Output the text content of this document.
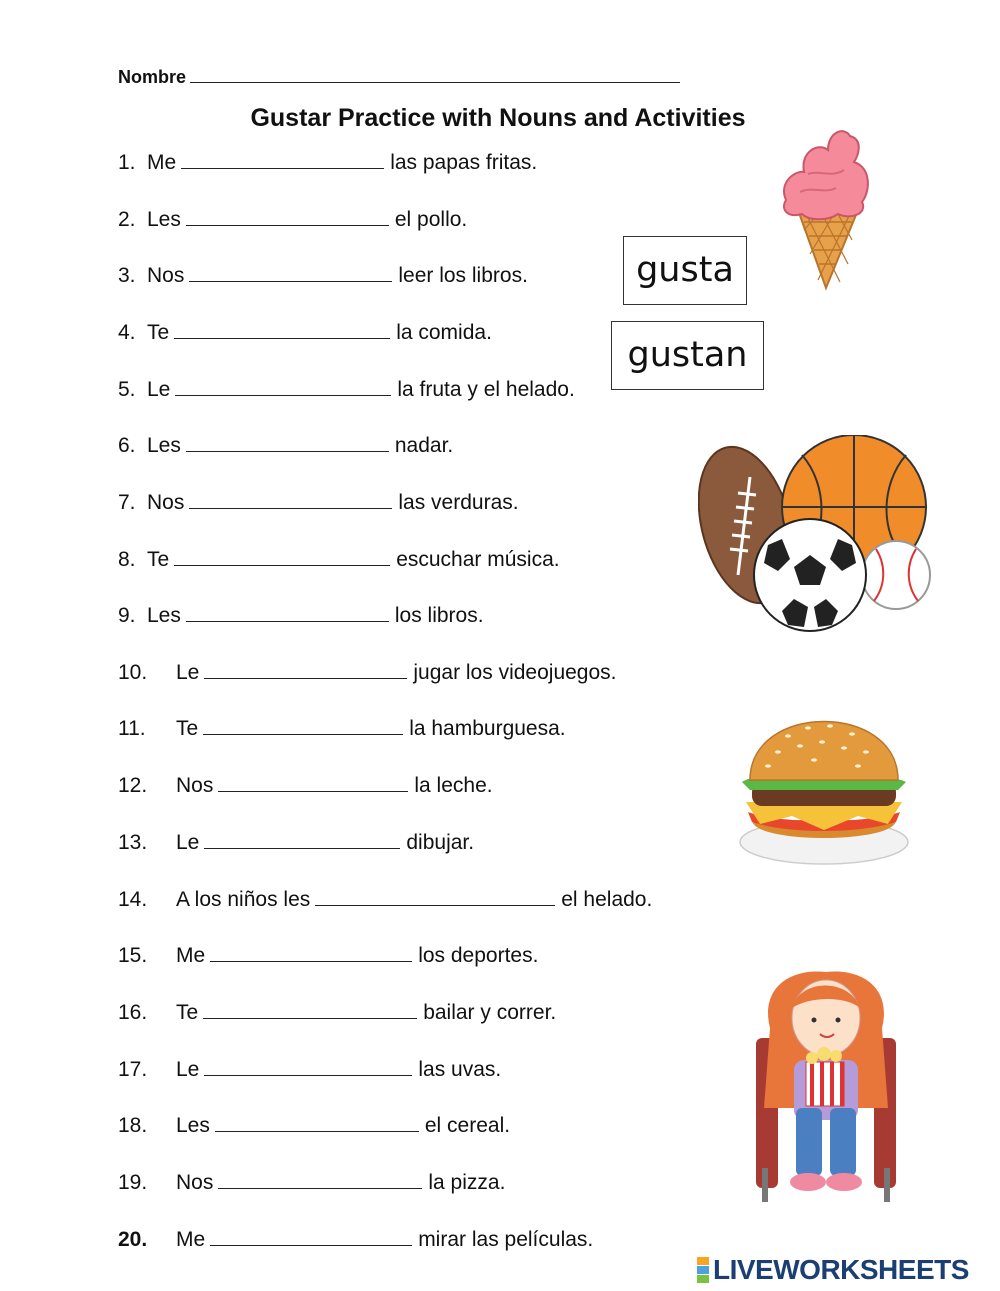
Nombre
Gustar Practice with Nouns and Activities
1. Me	las papas fritas.
2. Les	el pollo.
3. Nos	leer los libros.
4. Te	la comida.
5. Le	la fruta y el helado.
6. Les	nadar.
7. Nos	las verduras.
8. Te	escuchar música.
9. Les	los libros.
10. Le	jugar los videojuegos.
11. Te	la hamburguesa.
12. Nos	la leche.
13. Le	dibujar.
14. A los niños les	el helado.
15. Me	los deportes.
16. Te	bailar y correr.
17. Le	las uvas.
18. Les	el cereal.
19. Nos	la pizza.
20. Me	mirar las películas.
gusta
gustan
LIVEWORKSHEETS
